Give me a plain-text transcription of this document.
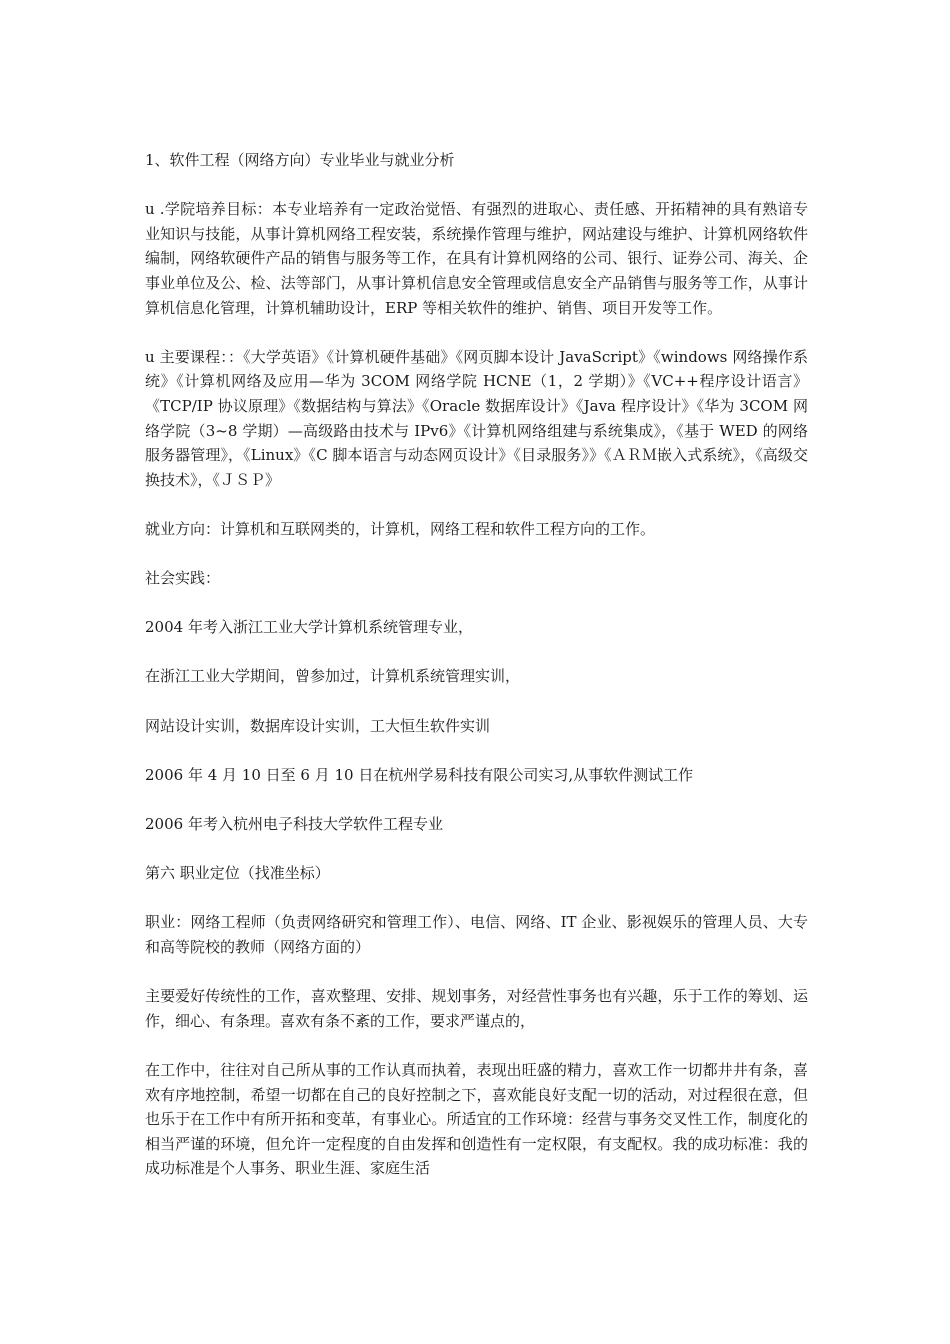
1、软件工程（网络方向）专业毕业与就业分析

u .学院培养目标：本专业培养有一定政治觉悟、有强烈的进取心、责任感、开拓精神的具有熟谙专业知识与技能，从事计算机网络工程安装，系统操作管理与维护，网站建设与维护、计算机网络软件编制，网络软硬件产品的销售与服务等工作，在具有计算机网络的公司、银行、证券公司、海关、企事业单位及公、检、法等部门，从事计算机信息安全管理或信息安全产品销售与服务等工作，从事计算机信息化管理，计算机辅助设计，ERP 等相关软件的维护、销售、项目开发等工作。

u 主要课程：：《大学英语》《计算机硬件基础》《网页脚本设计 JavaScript》《windows 网络操作系统》《计算机网络及应用—华为 3COM 网络学院 HCNE（1，2 学期）》《VC++程序设计语言》《TCP/IP 协议原理》《数据结构与算法》《Oracle 数据库设计》《Java 程序设计》《华为 3COM 网络学院（3~8 学期）—高级路由技术与 IPv6》《计算机网络组建与系统集成》，《基于 WED 的网络服务器管理》，《Linux》《C 脚本语言与动态网页设计》《目录服务》》《ＡＲＭ嵌入式系统》，《高级交换技术》，《ＪＳＰ》

就业方向：计算机和互联网类的，计算机，网络工程和软件工程方向的工作。

社会实践：

2004 年考入浙江工业大学计算机系统管理专业，

在浙江工业大学期间，曾参加过，计算机系统管理实训，

网站设计实训，数据库设计实训，工大恒生软件实训

2006 年 4 月 10 日至 6 月 10 日在杭州学易科技有限公司实习,从事软件测试工作

2006 年考入杭州电子科技大学软件工程专业

第六 职业定位（找准坐标）

职业：网络工程师（负责网络研究和管理工作）、电信、网络、IT 企业、影视娱乐的管理人员、大专和高等院校的教师（网络方面的）

主要爱好传统性的工作，喜欢整理、安排、规划事务，对经营性事务也有兴趣，乐于工作的筹划、运作，细心、有条理。喜欢有条不紊的工作，要求严谨点的，

在工作中，往往对自己所从事的工作认真而执着，表现出旺盛的精力，喜欢工作一切都井井有条，喜欢有序地控制，希望一切都在自己的良好控制之下，喜欢能良好支配一切的活动，对过程很在意，但也乐于在工作中有所开拓和变革，有事业心。所适宜的工作环境：经营与事务交叉性工作，制度化的相当严谨的环境，但允许一定程度的自由发挥和创造性有一定权限，有支配权。我的成功标准：我的成功标准是个人事务、职业生涯、家庭生活
